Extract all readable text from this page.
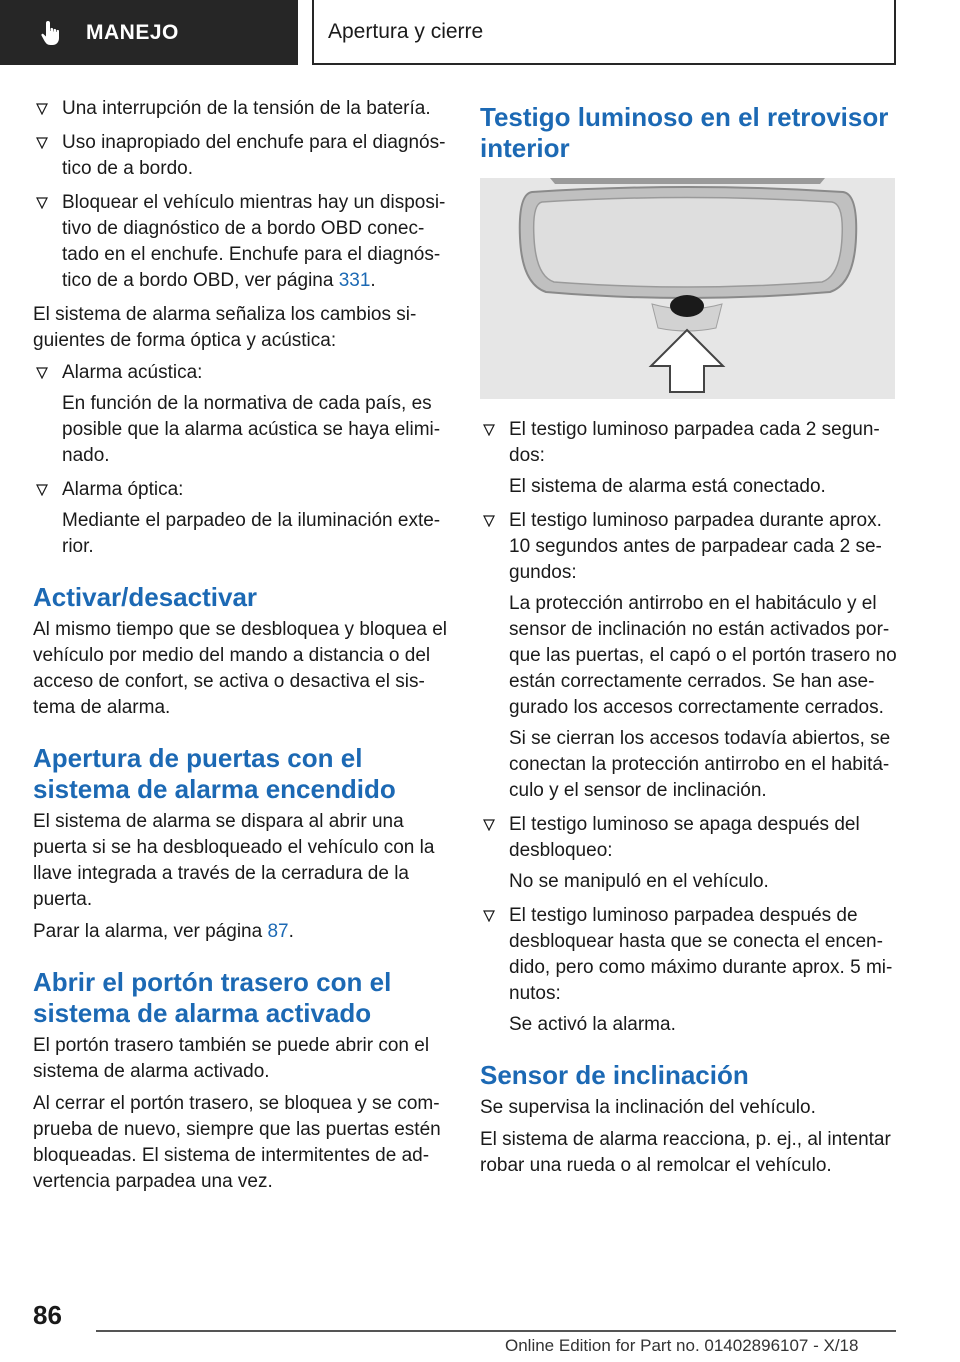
MANEJO	Apertura y cierre
Una interrupción de la tensión de la batería.
Uso inapropiado del enchufe para el diagnós-tico de a bordo.
Bloquear el vehículo mientras hay un disposi-tivo de diagnóstico de a bordo OBD conec-tado en el enchufe. Enchufe para el diagnós-tico de a bordo OBD, ver página 331.

El sistema de alarma señaliza los cambios si-guientes de forma óptica y acústica:

Alarma acústica:
En función de la normativa de cada país, es posible que la alarma acústica se haya elimi-nado.
Alarma óptica:
Mediante el parpadeo de la iluminación exte-rior.
Activar/desactivar

Al mismo tiempo que se desbloquea y bloquea el vehículo por medio del mando a distancia o del acceso de confort, se activa o desactiva el sis-tema de alarma.

Apertura de puertas con el sistema de alarma encendido

El sistema de alarma se dispara al abrir una puerta si se ha desbloqueado el vehículo con la llave integrada a través de la cerradura de la puerta.

Parar la alarma, ver página 87.

Abrir el portón trasero con el sistema de alarma activado

El portón trasero también se puede abrir con el sistema de alarma activado.

Al cerrar el portón trasero, se bloquea y se com-prueba de nuevo, siempre que las puertas estén bloqueadas. El sistema de intermitentes de ad-vertencia parpadea una vez.

Testigo luminoso en el retrovisor interior
El testigo luminoso parpadea cada 2 segun-dos:
El sistema de alarma está conectado.
El testigo luminoso parpadea durante aprox. 10 segundos antes de parpadear cada 2 se-gundos:
La protección antirrobo en el habitáculo y el sensor de inclinación no están activados por-que las puertas, el capó o el portón trasero no están correctamente cerrados. Se han ase-gurado los accesos correctamente cerrados.
Si se cierran los accesos todavía abiertos, se conectan la protección antirrobo en el habitá-culo y el sensor de inclinación.
El testigo luminoso se apaga después del desbloqueo:
No se manipuló en el vehículo.
El testigo luminoso parpadea después de desbloquear hasta que se conecta el encen-dido, pero como máximo durante aprox. 5 mi-nutos:
Se activó la alarma.
Sensor de inclinación

Se supervisa la inclinación del vehículo.

El sistema de alarma reacciona, p. ej., al intentar robar una rueda o al remolcar el vehículo.

86
Online Edition for Part no. 01402896107 - X/18
